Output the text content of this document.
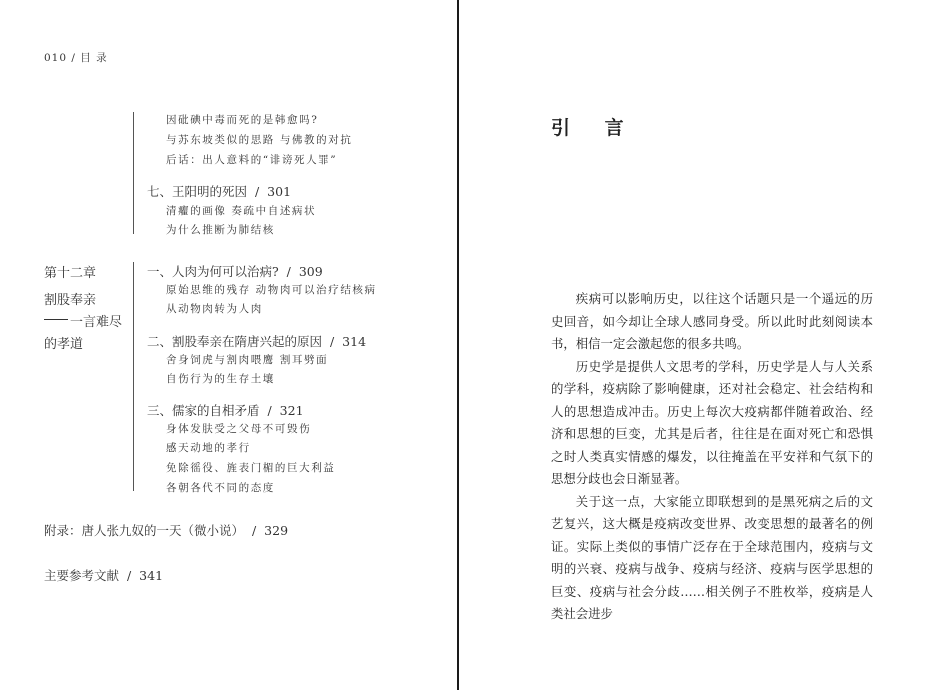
010 / 目 录
因砒碘中毒而死的是韩愈吗?
与苏东坡类似的思路 与佛教的对抗
后话：出人意料的“诽谤死人罪”
七、王阳明的死因 / 301
清癯的画像 奏疏中自述病状
为什么推断为肺结核
第十二章
割股奉亲
一言难尽
的孝道
一、人肉为何可以治病? / 309
原始思维的残存 动物肉可以治疗结核病
从动物肉转为人肉
二、割股奉亲在隋唐兴起的原因 / 314
舍身饲虎与割肉喂鹰 割耳劈面
自伤行为的生存土壤
三、儒家的自相矛盾 / 321
身体发肤受之父母不可毁伤
感天动地的孝行
免除徭役、旌表门楣的巨大利益
各朝各代不同的态度
附录：唐人张九奴的一天（微小说） / 329
主要参考文献 / 341
引 言

疾病可以影响历史，以往这个话题只是一个遥远的历史回音，如今却让全球人感同身受。所以此时此刻阅读本书，相信一定会激起您的很多共鸣。

历史学是提供人文思考的学科，历史学是人与人关系的学科，疫病除了影响健康，还对社会稳定、社会结构和人的思想造成冲击。历史上每次大疫病都伴随着政治、经济和思想的巨变，尤其是后者，往往是在面对死亡和恐惧之时人类真实情感的爆发，以往掩盖在平安祥和气氛下的思想分歧也会日渐显著。

关于这一点，大家能立即联想到的是黑死病之后的文艺复兴，这大概是疫病改变世界、改变思想的最著名的例证。实际上类似的事情广泛存在于全球范围内，疫病与文明的兴衰、疫病与战争、疫病与经济、疫病与医学思想的巨变、疫病与社会分歧……相关例子不胜枚举，疫病是人类社会进步
